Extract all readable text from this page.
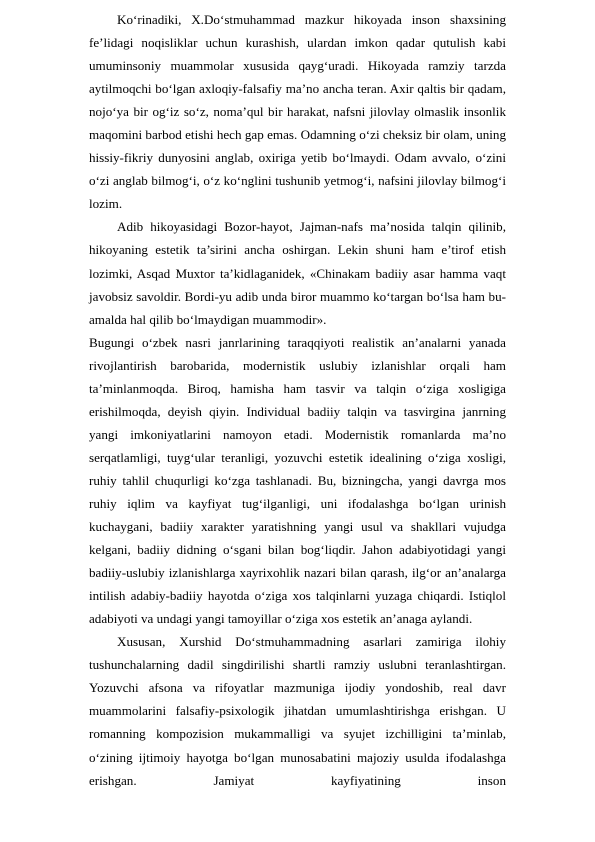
Ko‘rinadiki, X.Do‘stmuhammad mazkur hikoyada inson shaxsining fe’lidagi noqisliklar uchun kurashish, ulardan imkon qadar qutulish kabi umuminsoniy muammolar xususida qayg‘uradi. Hikoyada ramziy tarzda aytilmoqchi bo‘lgan axloqiy-falsafiy ma’no ancha teran. Axir qaltis bir qadam, nojo‘ya bir og‘iz so‘z, noma’qul bir harakat, nafsni jilovlay olmaslik insonlik maqomini barbod etishi hech gap emas. Odamning o‘zi cheksiz bir olam, uning hissiy-fikriy dunyosini anglab, oxiriga yetib bo‘lmaydi. Odam avvalo, o‘zini o‘zi anglab bilmog‘i, o‘z ko‘nglini tushunib yetmog‘i, nafsini jilovlay bilmog‘i lozim.

Adib hikoyasidagi Bozor-hayot, Jajman-nafs ma’nosida talqin qilinib, hikoyaning estetik ta’sirini ancha oshirgan. Lekin shuni ham e’tirof etish lozimki, Asqad Muxtor ta’kidlaganidek, «Chinakam badiiy asar hamma vaqt javobsiz savoldir. Bordi-yu adib unda biror muammo ko‘targan bo‘lsa ham bu-amalda hal qilib bo‘lmaydigan muammodir».

Bugungi o‘zbek nasri janrlarining taraqqiyoti realistik an’analarni yanada rivojlantirish barobarida, modernistik uslubiy izlanishlar orqali ham ta’minlanmoqda. Biroq, hamisha ham tasvir va talqin o‘ziga xosligiga erishilmoqda, deyish qiyin. Individual badiiy talqin va tasvirgina janrning yangi imkoniyatlarini namoyon etadi. Modernistik romanlarda ma’no serqatlamligi, tuyg‘ular teranligi, yozuvchi estetik idealining o‘ziga xosligi, ruhiy tahlil chuqurligi ko‘zga tashlanadi. Bu, bizningcha, yangi davrga mos ruhiy iqlim va kayfiyat tug‘ilganligi, uni ifodalashga bo‘lgan urinish kuchaygani, badiiy xarakter yaratishning yangi usul va shakllari vujudga kelgani, badiiy didning o‘sgani bilan bog‘liqdir. Jahon adabiyotidagi yangi badiiy-uslubiy izlanishlarga xayrixohlik nazari bilan qarash, ilg‘or an’analarga intilish adabiy-badiiy hayotda o‘ziga xos talqinlarni yuzaga chiqardi. Istiqlol adabiyoti va undagi yangi tamoyillar o‘ziga xos estetik an’anaga aylandi.

Xususan, Xurshid Do‘stmuhammadning asarlari zamiriga ilohiy tushunchalarning dadil singdirilishi shartli ramziy uslubni teranlashtirgan. Yozuvchi afsona va rifoyatlar mazmuniga ijodiy yondoshib, real davr muammolarini falsafiy-psixologik jihatdan umumlashtirishga erishgan. U romanning kompozision mukammalligi va syujet izchilligini ta’minlab, o‘zining ijtimoiy hayotga bo‘lgan munosabatini majoziy usulda ifodalashga erishgan. Jamiyat kayfiyatining inson
